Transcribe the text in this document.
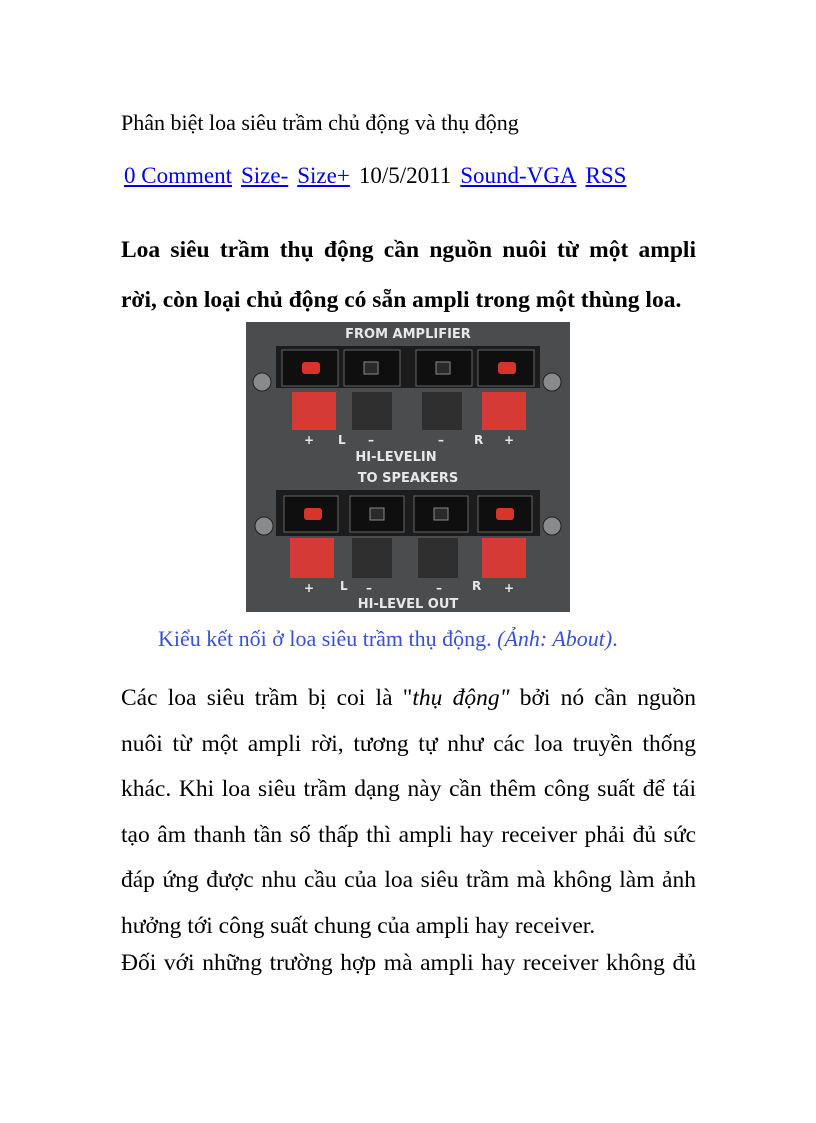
Phân biệt loa siêu trầm chủ động và thụ động
0 Comment Size- Size+ 10/5/2011 Sound-VGA RSS
Loa siêu trầm thụ động cần nguồn nuôi từ một ampli
rời, còn loại chủ động có sẵn ampli trong một thùng loa.
FROM AMPLIFIER
+ L –	–	R +
HI-LEVELIN
TO SPEAKERS
+ L –	–	R +
HI-LEVEL OUT
Kiểu kết nối ở loa siêu trầm thụ động. (Ảnh: About).
Các loa siêu trầm bị coi là "thụ động" bởi nó cần nguồn
nuôi từ một ampli rời, tương tự như các loa truyền thống
khác. Khi loa siêu trầm dạng này cần thêm công suất để tái
tạo âm thanh tần số thấp thì ampli hay receiver phải đủ sức
đáp ứng được nhu cầu của loa siêu trầm mà không làm ảnh
hưởng tới công suất chung của ampli hay receiver.
Đối với những trường hợp mà ampli hay receiver không đủ
